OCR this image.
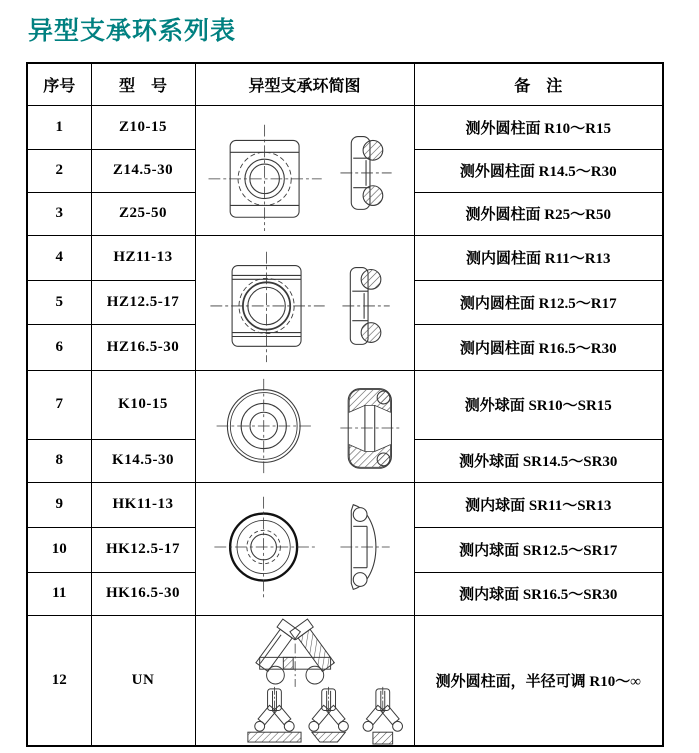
异型支承环系列表
序号	型　号	异型支承环简图	备　注
1	Z10-15		测外圆柱面 R10～R15
2	Z14.5-30		测外圆柱面 R14.5～R30
3	Z25-50		测外圆柱面 R25～R50
4	HZ11-13		测内圆柱面 R11～R13
5	HZ12.5-17		测内圆柱面 R12.5～R17
6	HZ16.5-30		测内圆柱面 R16.5～R30
7	K10-15		测外球面 SR10～SR15
8	K14.5-30		测外球面 SR14.5～SR30
9	HK11-13		测内球面 SR11～SR13
10	HK12.5-17		测内球面 SR12.5～SR17
11	HK16.5-30		测内球面 SR16.5～SR30
12	UN		测外圆柱面，半径可调 R10～∞
